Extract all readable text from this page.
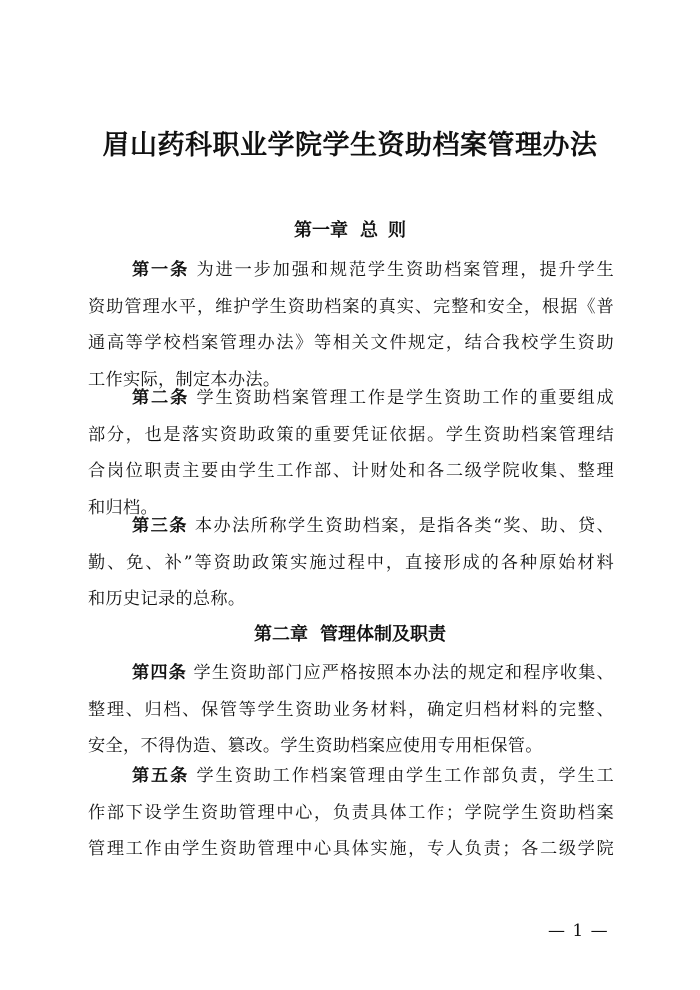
眉山药科职业学院学生资助档案管理办法
第一章 总 则
第一条 为进一步加强和规范学生资助档案管理，提升学生
资助管理水平，维护学生资助档案的真实、完整和安全，根据《普
通高等学校档案管理办法》等相关文件规定，结合我校学生资助
工作实际，制定本办法。
第二条 学生资助档案管理工作是学生资助工作的重要组成
部分，也是落实资助政策的重要凭证依据。学生资助档案管理结
合岗位职责主要由学生工作部、计财处和各二级学院收集、整理
和归档。
第三条 本办法所称学生资助档案，是指各类“奖、助、贷、
勤、免、补”等资助政策实施过程中，直接形成的各种原始材料
和历史记录的总称。
第二章 管理体制及职责
第四条 学生资助部门应严格按照本办法的规定和程序收集、
整理、归档、保管等学生资助业务材料，确定归档材料的完整、
安全，不得伪造、篡改。学生资助档案应使用专用柜保管。
第五条 学生资助工作档案管理由学生工作部负责，学生工
作部下设学生资助管理中心，负责具体工作；学院学生资助档案
管理工作由学生资助管理中心具体实施，专人负责；各二级学院
— 1 —
